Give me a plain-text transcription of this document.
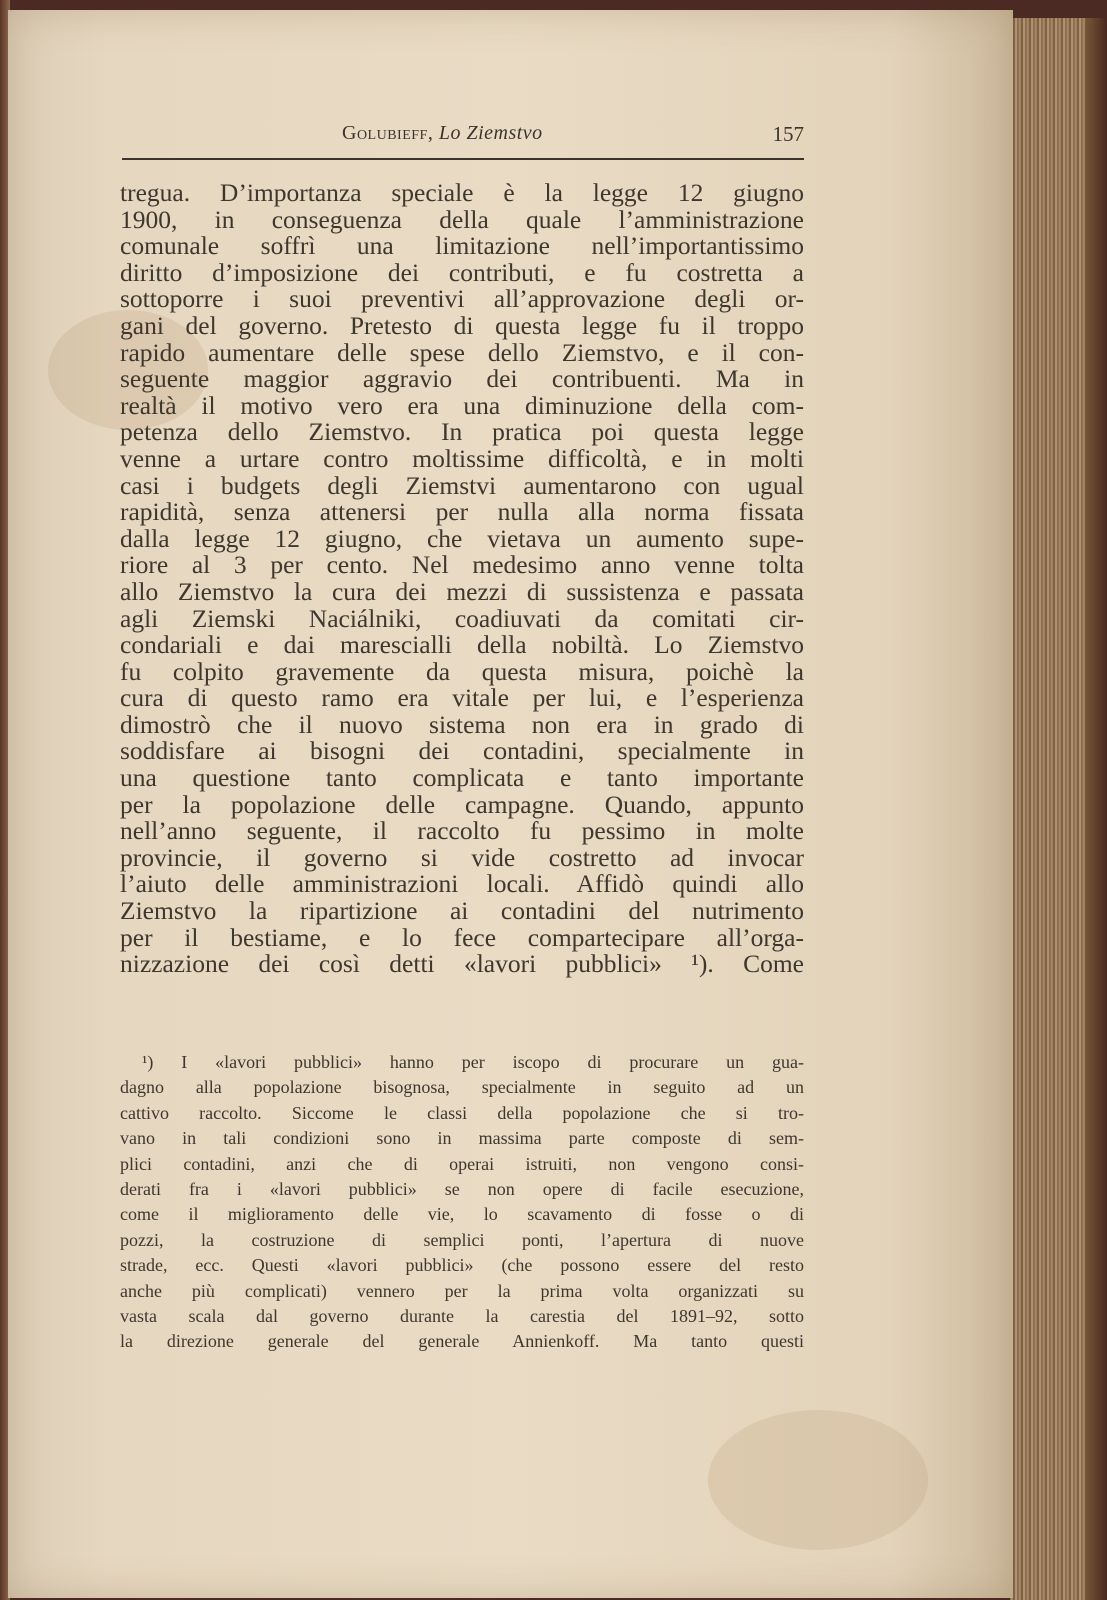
Golubieff, Lo Ziemstvo	157
tregua. D’importanza speciale è la legge 12 giugno
1900, in conseguenza della quale l’amministrazione
comunale soffrì una limitazione nell’importantissimo
diritto d’imposizione dei contributi, e fu costretta a
sottoporre i suoi preventivi all’approvazione degli or-
gani del governo. Pretesto di questa legge fu il troppo
rapido aumentare delle spese dello Ziemstvo, e il con-
seguente maggior aggravio dei contribuenti. Ma in
realtà il motivo vero era una diminuzione della com-
petenza dello Ziemstvo. In pratica poi questa legge
venne a urtare contro moltissime difficoltà, e in molti
casi i budgets degli Ziemstvi aumentarono con ugual
rapidità, senza attenersi per nulla alla norma fissata
dalla legge 12 giugno, che vietava un aumento supe-
riore al 3 per cento. Nel medesimo anno venne tolta
allo Ziemstvo la cura dei mezzi di sussistenza e passata
agli Ziemski Naciálniki, coadiuvati da comitati cir-
condariali e dai marescialli della nobiltà. Lo Ziemstvo
fu colpito gravemente da questa misura, poichè la
cura di questo ramo era vitale per lui, e l’esperienza
dimostrò che il nuovo sistema non era in grado di
soddisfare ai bisogni dei contadini, specialmente in
una questione tanto complicata e tanto importante
per la popolazione delle campagne. Quando, appunto
nell’anno seguente, il raccolto fu pessimo in molte
provincie, il governo si vide costretto ad invocar
l’aiuto delle amministrazioni locali. Affidò quindi allo
Ziemstvo la ripartizione ai contadini del nutrimento
per il bestiame, e lo fece compartecipare all’orga-
nizzazione dei così detti «lavori pubblici» ¹). Come
¹) I «lavori pubblici» hanno per iscopo di procurare un gua-
dagno alla popolazione bisognosa, specialmente in seguito ad un
cattivo raccolto. Siccome le classi della popolazione che si tro-
vano in tali condizioni sono in massima parte composte di sem-
plici contadini, anzi che di operai istruiti, non vengono consi-
derati fra i «lavori pubblici» se non opere di facile esecuzione,
come il miglioramento delle vie, lo scavamento di fosse o di
pozzi, la costruzione di semplici ponti, l’apertura di nuove
strade, ecc. Questi «lavori pubblici» (che possono essere del resto
anche più complicati) vennero per la prima volta organizzati su
vasta scala dal governo durante la carestia del 1891–92, sotto
la direzione generale del generale Annienkoff. Ma tanto questi
